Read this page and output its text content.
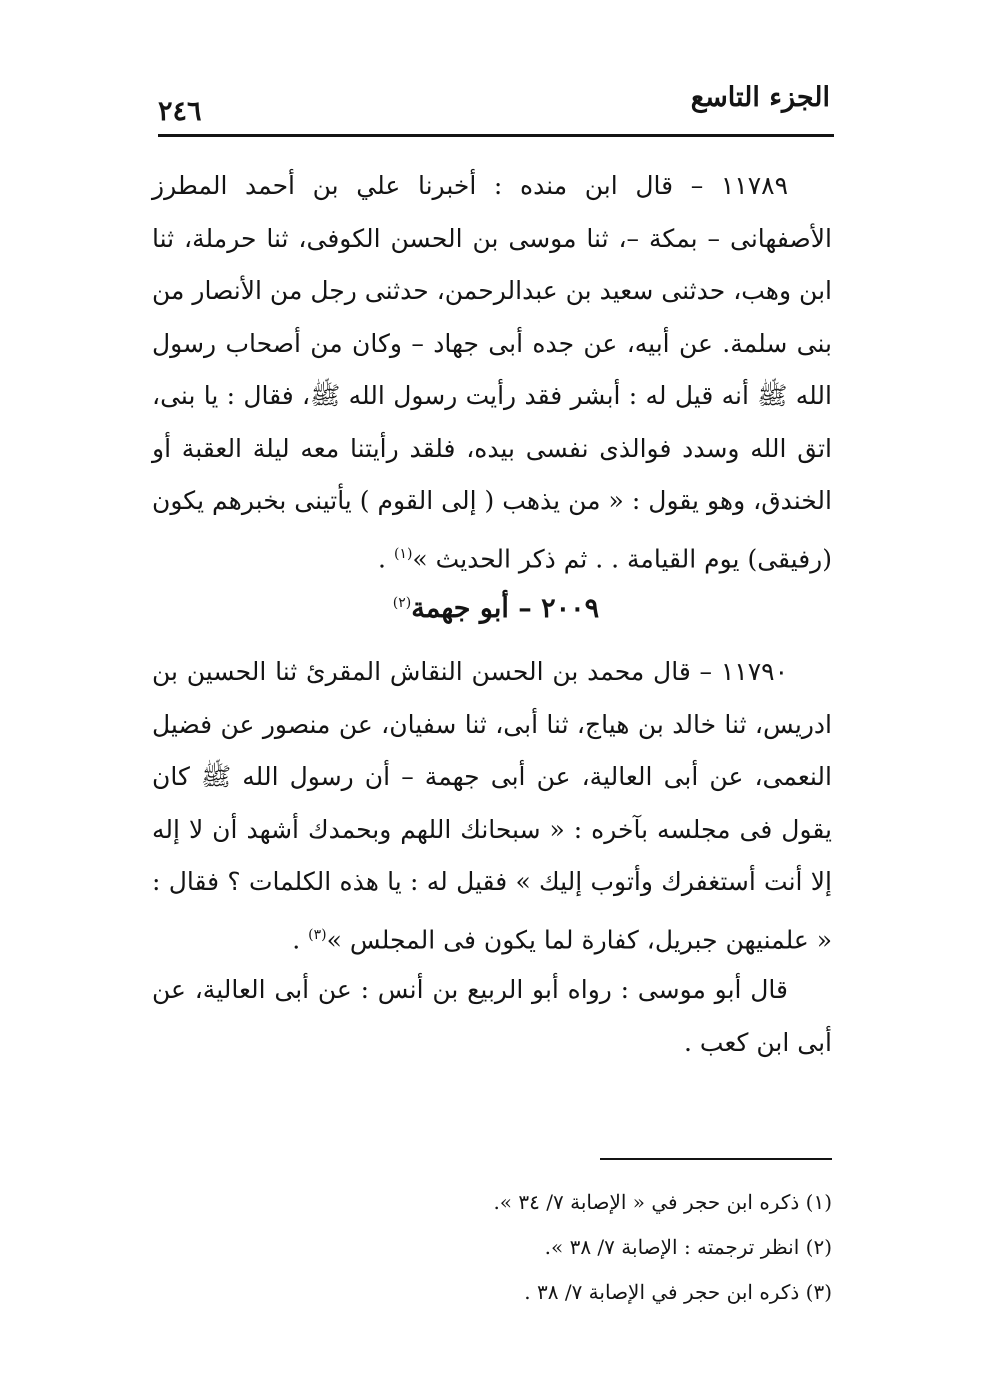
الجزء التاسع
٢٤٦

١١٧٨٩ – قال ابن منده : أخبرنا علي بن أحمد المطرز الأصفهانى – بمكة –، ثنا موسى بن الحسن الكوفى، ثنا حرملة، ثنا ابن وهب، حدثنى سعيد بن عبدالرحمن، حدثنى رجل من الأنصار من بنى سلمة. عن أبيه، عن جده أبى جهاد – وكان من أصحاب رسول الله ﷺ أنه قيل له : أبشر فقد رأيت رسول الله ﷺ، فقال : يا بنى، اتق الله وسدد فوالذى نفسى بيده، فلقد رأيتنا معه ليلة العقبة أو الخندق، وهو يقول : « من يذهب ( إلى القوم ) يأتينى بخبرهم يكون (رفيقى) يوم القيامة . . ثم ذكر الحديث »$^{(١)}$ .

٢٠٠٩ – أبو جهمة$^{(٢)}$

١١٧٩٠ – قال محمد بن الحسن النقاش المقرئ ثنا الحسين بن ادريس، ثنا خالد بن هياج، ثنا أبى، ثنا سفيان، عن منصور عن فضيل النعمى، عن أبى العالية، عن أبى جهمة – أن رسول الله ﷺ كان يقول فى مجلسه بآخره : « سبحانك اللهم وبحمدك أشهد أن لا إله إلا أنت أستغفرك وأتوب إليك » فقيل له : يا هذه الكلمات ؟ فقال : « علمنيهن جبريل، كفارة لما يكون فى المجلس »$^{(٣)}$ .

قال أبو موسى : رواه أبو الربيع بن أنس : عن أبى العالية، عن أبى ابن كعب .

(١) ذكره ابن حجر في « الإصابة ٧/ ٣٤ ».

(٢) انظر ترجمته : الإصابة ٧/ ٣٨ ».

(٣) ذكره ابن حجر في الإصابة ٧/ ٣٨ .
